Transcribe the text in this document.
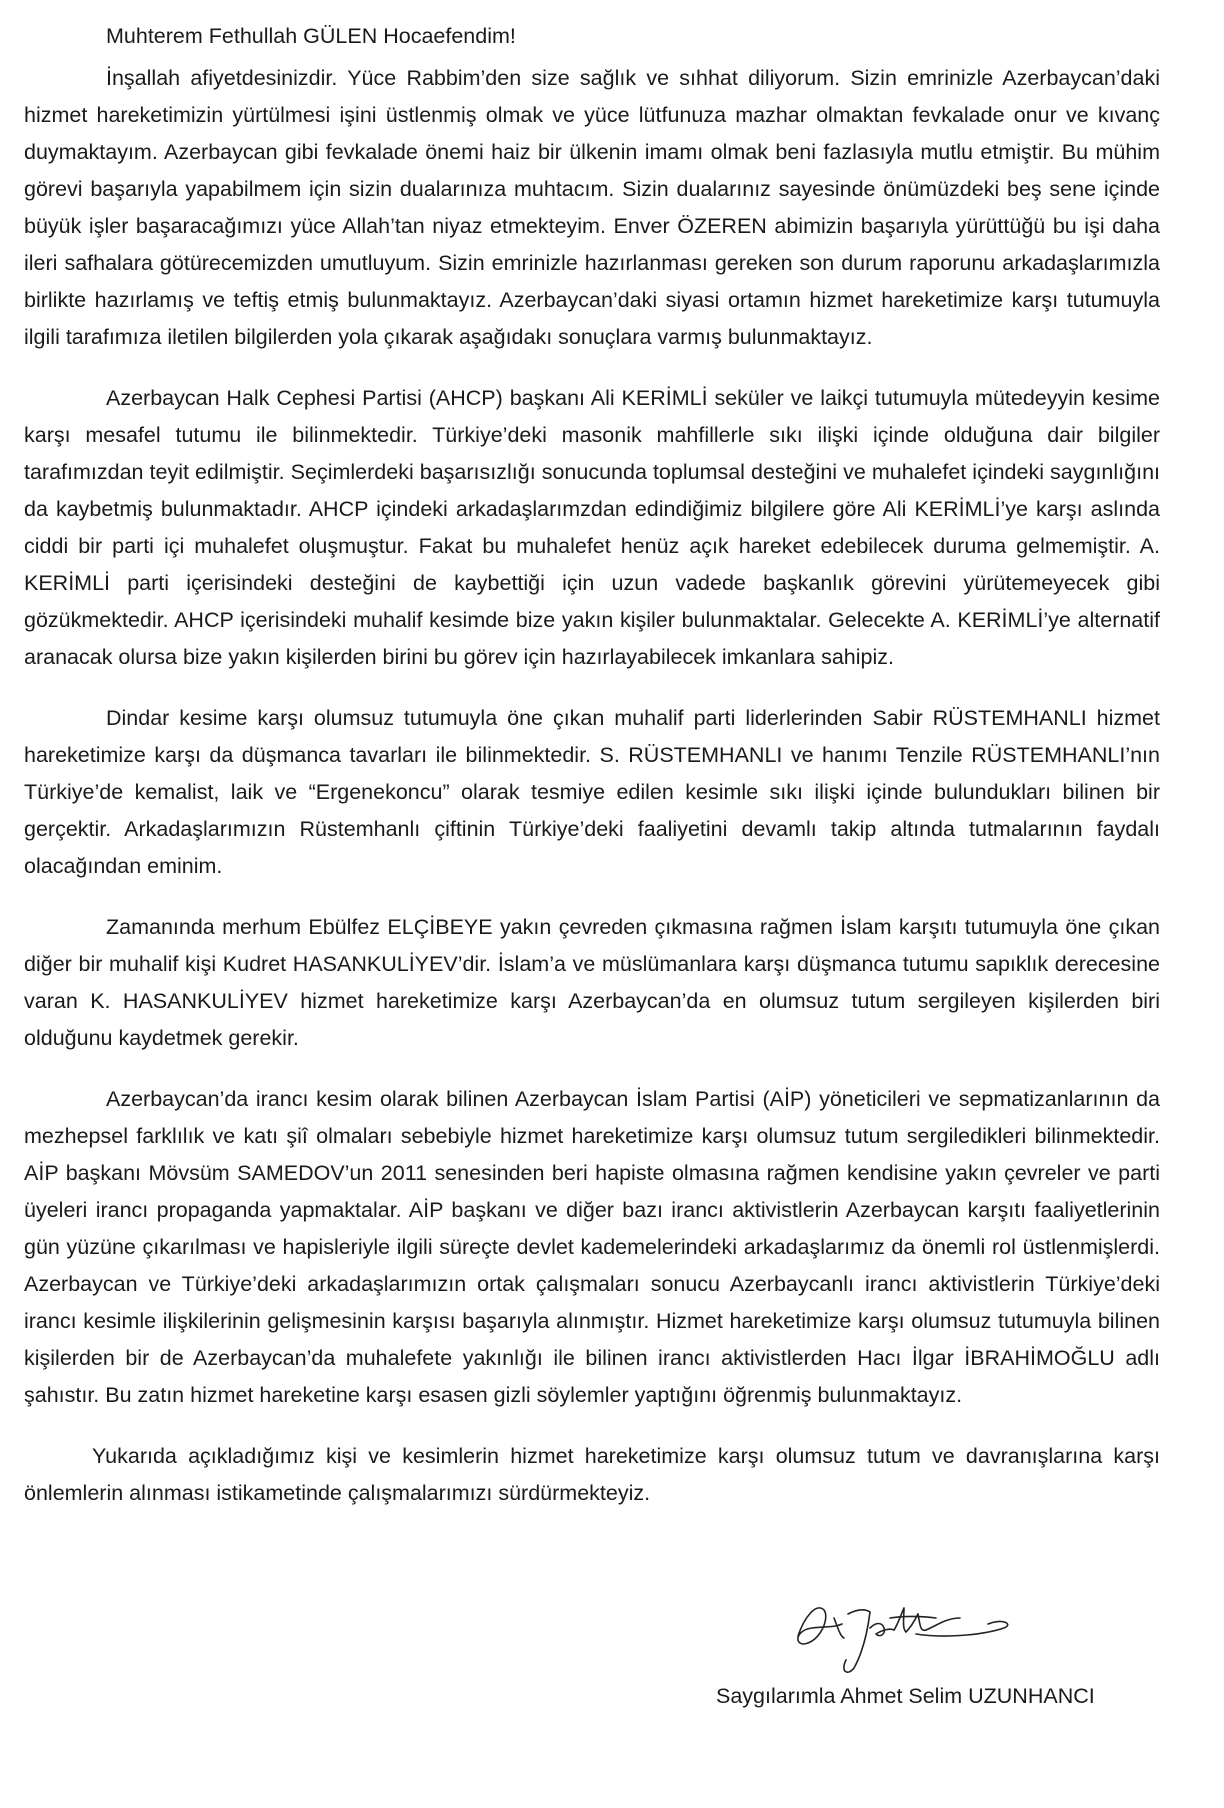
Muhterem Fethullah GÜLEN Hocaefendim!

İnşallah afiyetdesinizdir. Yüce Rabbim’den size sağlık ve sıhhat diliyorum. Sizin emrinizle Azerbaycan’daki hizmet hareketimizin yürtülmesi işini üstlenmiş olmak ve yüce lütfunuza mazhar olmaktan fevkalade onur ve kıvanç duymaktayım. Azerbaycan gibi fevkalade önemi haiz bir ülkenin imamı olmak beni fazlasıyla mutlu etmiştir. Bu mühim görevi başarıyla yapabilmem için sizin dualarınıza muhtacım. Sizin dualarınız sayesinde önümüzdeki beş sene içinde büyük işler başaracağımızı yüce Allah’tan niyaz etmekteyim. Enver ÖZEREN abimizin başarıyla yürüttüğü bu işi daha ileri safhalara götürecemizden umutluyum. Sizin emrinizle hazırlanması gereken son durum raporunu arkadaşlarımızla birlikte hazırlamış ve teftiş etmiş bulunmaktayız. Azerbaycan’daki siyasi ortamın hizmet hareketimize karşı tutumuyla ilgili tarafımıza iletilen bilgilerden yola çıkarak aşağıdakı sonuçlara varmış bulunmaktayız.

Azerbaycan Halk Cephesi Partisi (AHCP) başkanı Ali KERİMLİ seküler ve laikçi tutumuyla mütedeyyin kesime karşı mesafel tutumu ile bilinmektedir. Türkiye’deki masonik mahfillerle sıkı ilişki içinde olduğuna dair bilgiler tarafımızdan teyit edilmiştir. Seçimlerdeki başarısızlığı sonucunda toplumsal desteğini ve muhalefet içindeki saygınlığını da kaybetmiş bulunmaktadır. AHCP içindeki arkadaşlarımzdan edindiğimiz bilgilere göre Ali KERİMLİ’ye karşı aslında ciddi bir parti içi muhalefet oluşmuştur. Fakat bu muhalefet henüz açık hareket edebilecek duruma gelmemiştir. A. KERİMLİ parti içerisindeki desteğini de kaybettiği için uzun vadede başkanlık görevini yürütemeyecek gibi gözükmektedir. AHCP içerisindeki muhalif kesimde bize yakın kişiler bulunmaktalar. Gelecekte A. KERİMLİ’ye alternatif aranacak olursa bize yakın kişilerden birini bu görev için hazırlayabilecek imkanlara sahipiz.

Dindar kesime karşı olumsuz tutumuyla öne çıkan muhalif parti liderlerinden Sabir RÜSTEMHANLI hizmet hareketimize karşı da düşmanca tavarları ile bilinmektedir. S. RÜSTEMHANLI ve hanımı Tenzile RÜSTEMHANLI’nın Türkiye’de kemalist, laik ve “Ergenekoncu” olarak tesmiye edilen kesimle sıkı ilişki içinde bulundukları bilinen bir gerçektir. Arkadaşlarımızın Rüstemhanlı çiftinin Türkiye’deki faaliyetini devamlı takip altında tutmalarının faydalı olacağından eminim.

Zamanında merhum Ebülfez ELÇİBEYE yakın çevreden çıkmasına rağmen İslam karşıtı tutumuyla öne çıkan diğer bir muhalif kişi Kudret HASANKULİYEV’dir. İslam’a ve müslümanlara karşı düşmanca tutumu sapıklık derecesine varan K. HASANKULİYEV hizmet hareketimize karşı Azerbaycan’da en olumsuz tutum sergileyen kişilerden biri olduğunu kaydetmek gerekir.

Azerbaycan’da irancı kesim olarak bilinen Azerbaycan İslam Partisi (AİP) yöneticileri ve sepmatizanlarının da mezhepsel farklılık ve katı şiî olmaları sebebiyle hizmet hareketimize karşı olumsuz tutum sergiledikleri bilinmektedir. AİP başkanı Mövsüm SAMEDOV’un 2011 senesinden beri hapiste olmasına rağmen kendisine yakın çevreler ve parti üyeleri irancı propaganda yapmaktalar. AİP başkanı ve diğer bazı irancı aktivistlerin Azerbaycan karşıtı faaliyetlerinin gün yüzüne çıkarılması ve hapisleriyle ilgili süreçte devlet kademelerindeki arkadaşlarımız da önemli rol üstlenmişlerdi. Azerbaycan ve Türkiye’deki arkadaşlarımızın ortak çalışmaları sonucu Azerbaycanlı irancı aktivistlerin Türkiye’deki irancı kesimle ilişkilerinin gelişmesinin karşısı başarıyla alınmıştır. Hizmet hareketimize karşı olumsuz tutumuyla bilinen kişilerden bir de Azerbaycan’da muhalefete yakınlığı ile bilinen irancı aktivistlerden Hacı İlgar İBRAHİMOĞLU adlı şahıstır. Bu zatın hizmet hareketine karşı esasen gizli söylemler yaptığını öğrenmiş bulunmaktayız.

Yukarıda açıkladığımız kişi ve kesimlerin hizmet hareketimize karşı olumsuz tutum ve davranışlarına karşı önlemlerin alınması istikametinde çalışmalarımızı sürdürmekteyiz.

Saygılarımla Ahmet Selim UZUNHANCI
